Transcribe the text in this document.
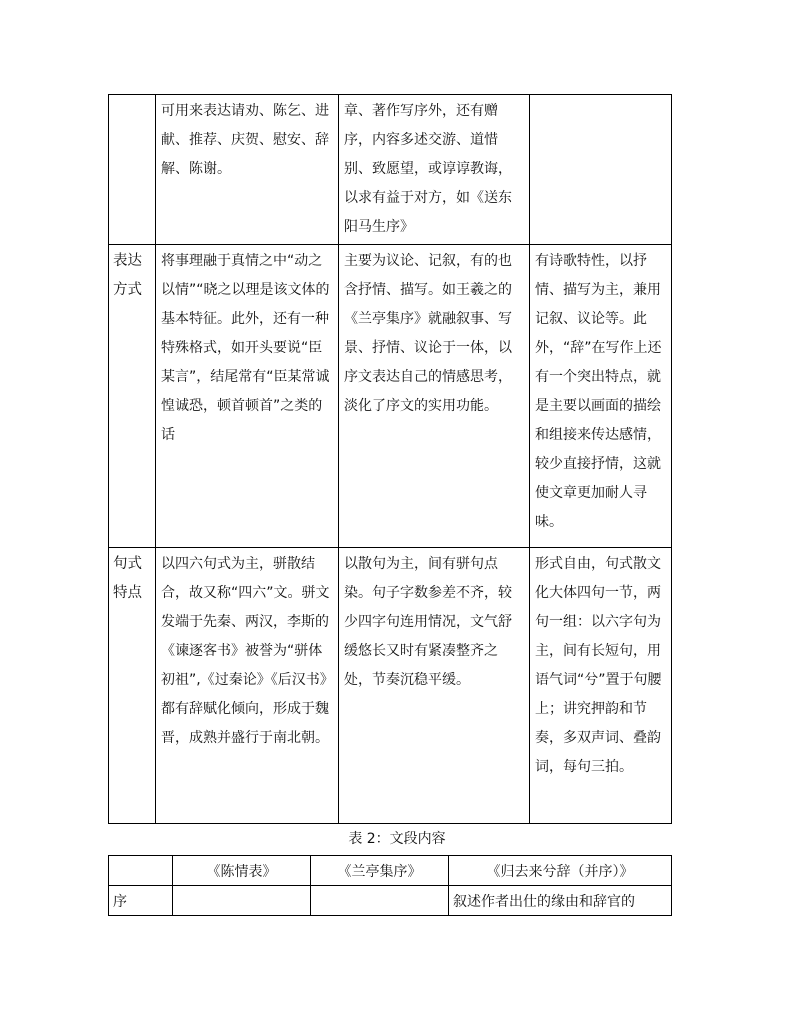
	可用来表达请劝、陈乞、进献、推荐、庆贺、慰安、辞解、陈谢。	章、著作写序外，还有赠序，内容多述交游、道惜别、致愿望，或谆谆教诲，以求有益于对方，如《送东阳马生序》	
表达方式	将事理融于真情之中“动之以情”“晓之以理是该文体的基本特征。此外，还有一种特殊格式，如开头要说“臣某言”，结尾常有“臣某常诚惶诚恐，顿首顿首”之类的话	主要为议论、记叙，有的也含抒情、描写。如王羲之的《兰亭集序》就融叙事、写景、抒情、议论于一体，以序文表达自己的情感思考，淡化了序文的实用功能。	有诗歌特性，以抒情、描写为主，兼用记叙、议论等。此外，“辞”在写作上还有一个突出特点，就是主要以画面的描绘和组接来传达感情，较少直接抒情，这就使文章更加耐人寻味。
句式特点	以四六句式为主，骈散结合，故又称“四六”文。骈文发端于先秦、两汉，李斯的《谏逐客书》被誉为“骈体初祖”,《过秦论》《后汉书》都有辞赋化倾向，形成于魏晋，成熟并盛行于南北朝。	以散句为主，间有骈句点染。句子字数参差不齐，较少四字句连用情况，文气舒缓悠长又时有紧凑整齐之处，节奏沉稳平缓。	形式自由，句式散文化大体四句一节，两句一组：以六字句为主，间有长短句，用语气词“兮”置于句腰上；讲究押韵和节奏，多双声词、叠韵词，每句三拍。
表 2：文段内容
	《陈情表》	《兰亭集序》	《归去来兮辞（并序）》
序			叙述作者出仕的缘由和辞官的
